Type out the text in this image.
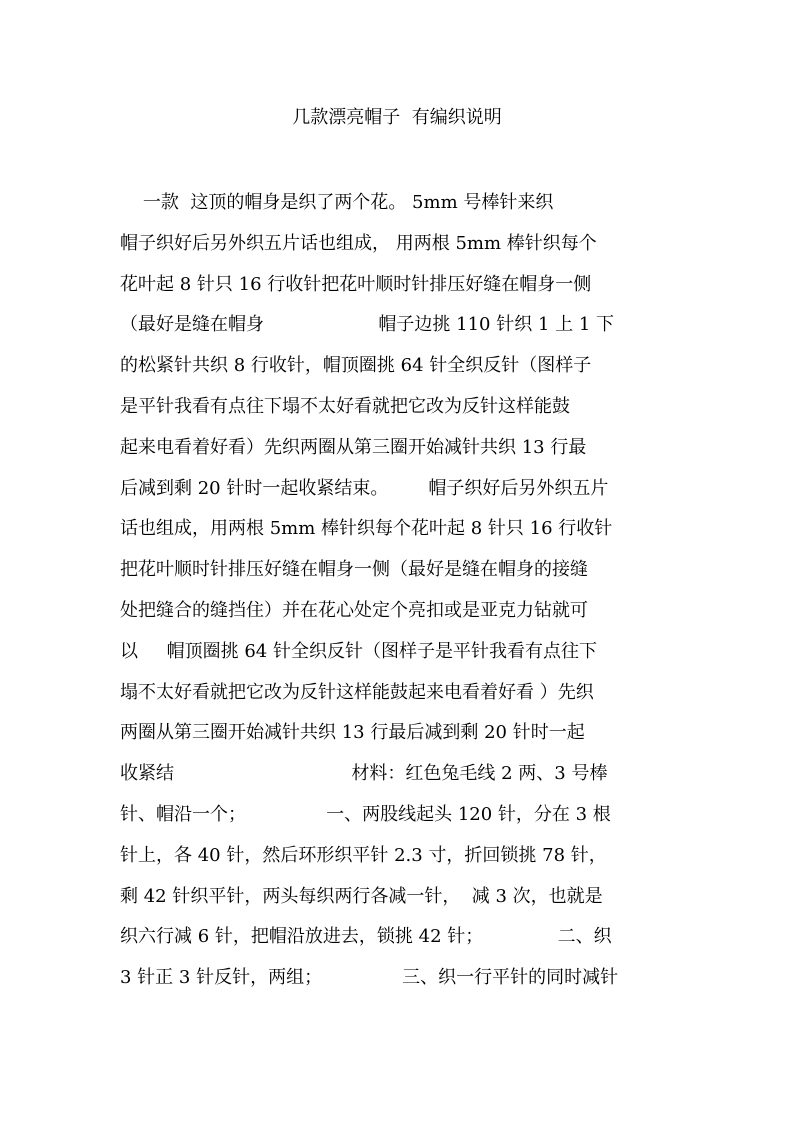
几款漂亮帽子  有编织说明
一款  这顶的帽身是织了两个花。 5mm 号棒针来织
帽子织好后另外织五片话也组成， 用两根 5mm 棒针织每个
花叶起 8 针只 16 行收针把花叶顺时针排压好缝在帽身一侧
（最好是缝在帽身                    帽子边挑 110 针织 1 上 1 下
的松紧针共织 8 行收针，帽顶圈挑 64 针全织反针（图样子
是平针我看有点往下塌不太好看就把它改为反针这样能鼓
起来电看着好看）先织两圈从第三圈开始减针共织 13 行最
后减到剩 20 针时一起收紧结束。       帽子织好后另外织五片
话也组成，用两根 5mm 棒针织每个花叶起 8 针只 16 行收针
把花叶顺时针排压好缝在帽身一侧（最好是缝在帽身的接缝
处把缝合的缝挡住）并在花心处定个亮扣或是亚克力钻就可
以     帽顶圈挑 64 针全织反针（图样子是平针我看有点往下
塌不太好看就把它改为反针这样能鼓起来电看着好看 ）先织
两圈从第三圈开始减针共织 13 行最后减到剩 20 针时一起
收紧结                               材料：红色兔毛线 2 两、3 号棒
针、帽沿一个；              一、两股线起头 120 针，分在 3 根
针上，各 40 针，然后环形织平针 2.3 寸，折回锁挑 78 针，
剩 42 针织平针，两头每织两行各减一针，  减 3 次，也就是
织六行减 6 针，把帽沿放进去，锁挑 42 针；             二、织
3 针正 3 针反针，两组；              三、织一行平针的同时减针
